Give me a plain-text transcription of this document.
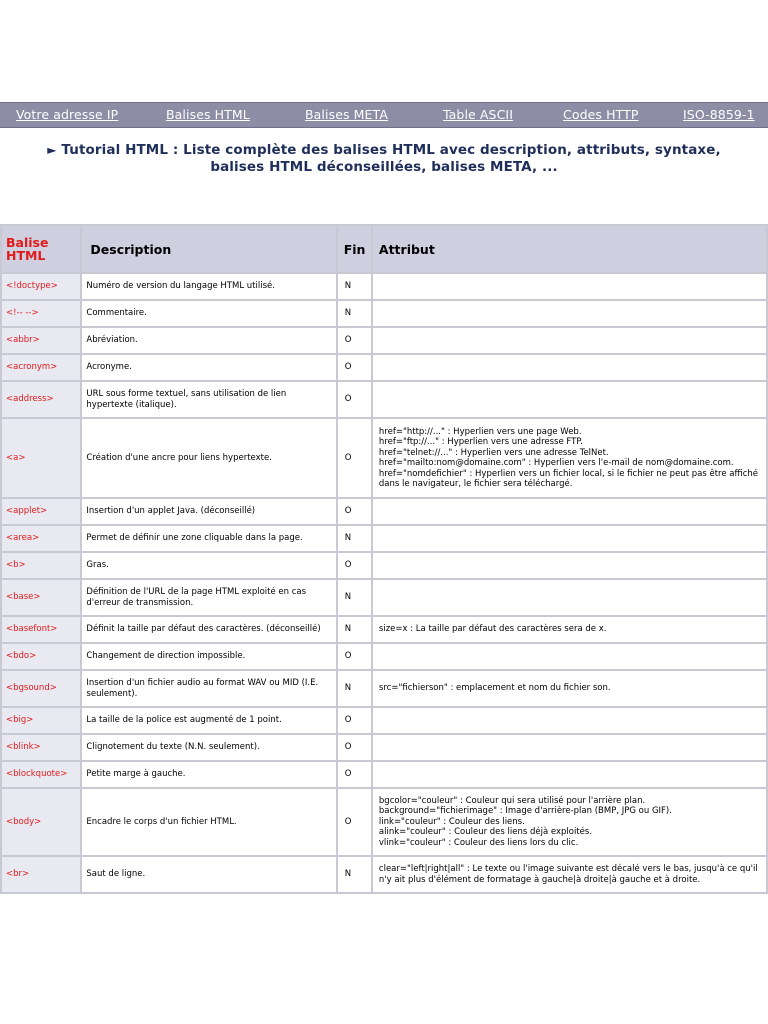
Votre adresse IP	Balises HTML	Balises META	Table ASCII	Codes HTTP	ISO-8859-1
► Tutorial HTML : Liste complète des balises HTML avec description, attributs, syntaxe,
balises HTML déconseillées, balises META, ...
Balise HTML	Description	Fin	Attribut
<!doctype>	Numéro de version du langage HTML utilisé.	N	
<!-- -->	Commentaire.	N	
<abbr>	Abréviation.	O	
<acronym>	Acronyme.	O	
<address>	URL sous forme textuel, sans utilisation de lien hypertexte (italique).	O	
<a>	Création d'une ancre pour liens hypertexte.	O	href="http://..." : Hyperlien vers une page Web.
href="ftp://..." : Hyperlien vers une adresse FTP.
href="telnet://..." : Hyperlien vers une adresse TelNet.
href="mailto:nom@domaine.com" : Hyperlien vers l'e-mail de nom@domaine.com.
href="nomdefichier" : Hyperlien vers un fichier local, si le fichier ne peut pas être affiché dans le navigateur, le fichier sera téléchargé.
<applet>	Insertion d'un applet Java. (déconseillé)	O	
<area>	Permet de définir une zone cliquable dans la page.	N	
<b>	Gras.	O	
<base>	Définition de l'URL de la page HTML exploité en cas d'erreur de transmission.	N	
<basefont>	Définit la taille par défaut des caractères. (déconseillé)	N	size=x : La taille par défaut des caractères sera de x.
<bdo>	Changement de direction impossible.	O	
<bgsound>	Insertion d'un fichier audio au format WAV ou MID (I.E. seulement).	N	src="fichierson" : emplacement et nom du fichier son.
<big>	La taille de la police est augmenté de 1 point.	O	
<blink>	Clignotement du texte (N.N. seulement).	O	
<blockquote>	Petite marge à gauche.	O	
<body>	Encadre le corps d'un fichier HTML.	O	bgcolor="couleur" : Couleur qui sera utilisé pour l'arrière plan.
background="fichierimage" : Image d'arrière-plan (BMP, JPG ou GIF).
link="couleur" : Couleur des liens.
alink="couleur" : Couleur des liens déjà exploités.
vlink="couleur" : Couleur des liens lors du clic.
<br>	Saut de ligne.	N	clear="left|right|all" : Le texte ou l'image suivante est décalé vers le bas, jusqu'à ce qu'il n'y ait plus d'élément de formatage à gauche|à droite|à gauche et à droite.
